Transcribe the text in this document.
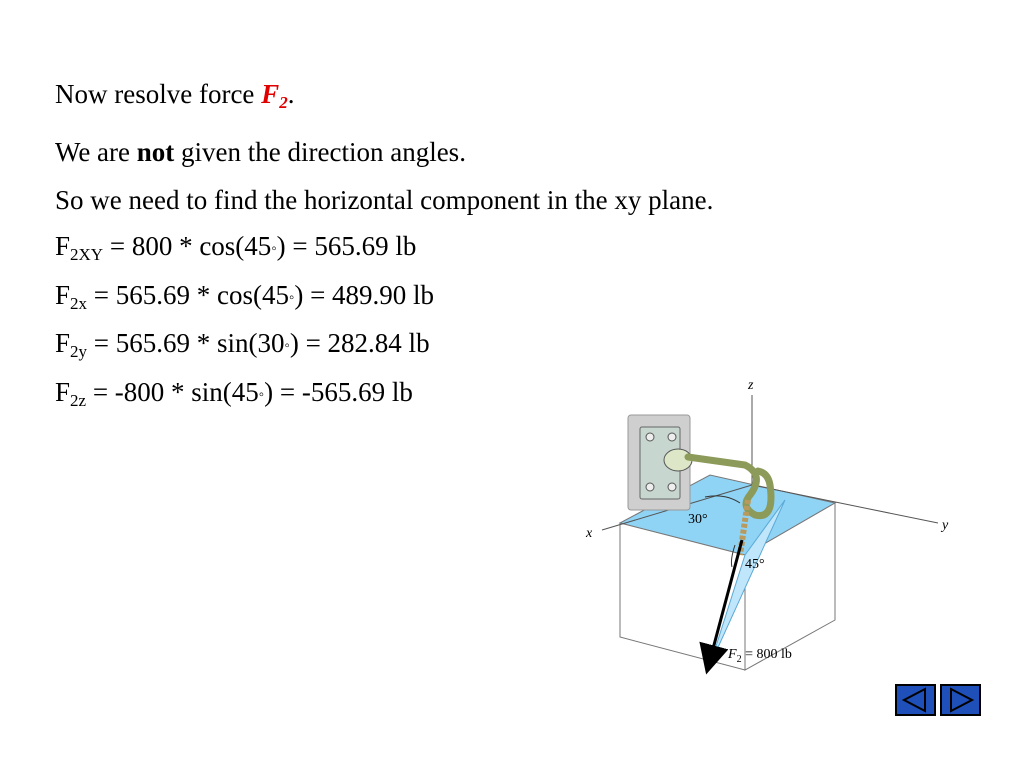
Now resolve force $F_2$.
We are not given the direction angles.
So we need to find the horizontal component in the xy plane.
$F_{2XY} = 800$ * cos(45◦) = 565.69 lb
$F_{2x} = 565.69$ * cos(45◦) = 489.90 lb
$F_{2y} = 565.69$ * sin(30◦) = 282.84 lb
$F_{2z} = -800$ * sin(45◦) = -565.69 lb	z
x
y
30°
45°
$F_2 = 800$ lb
